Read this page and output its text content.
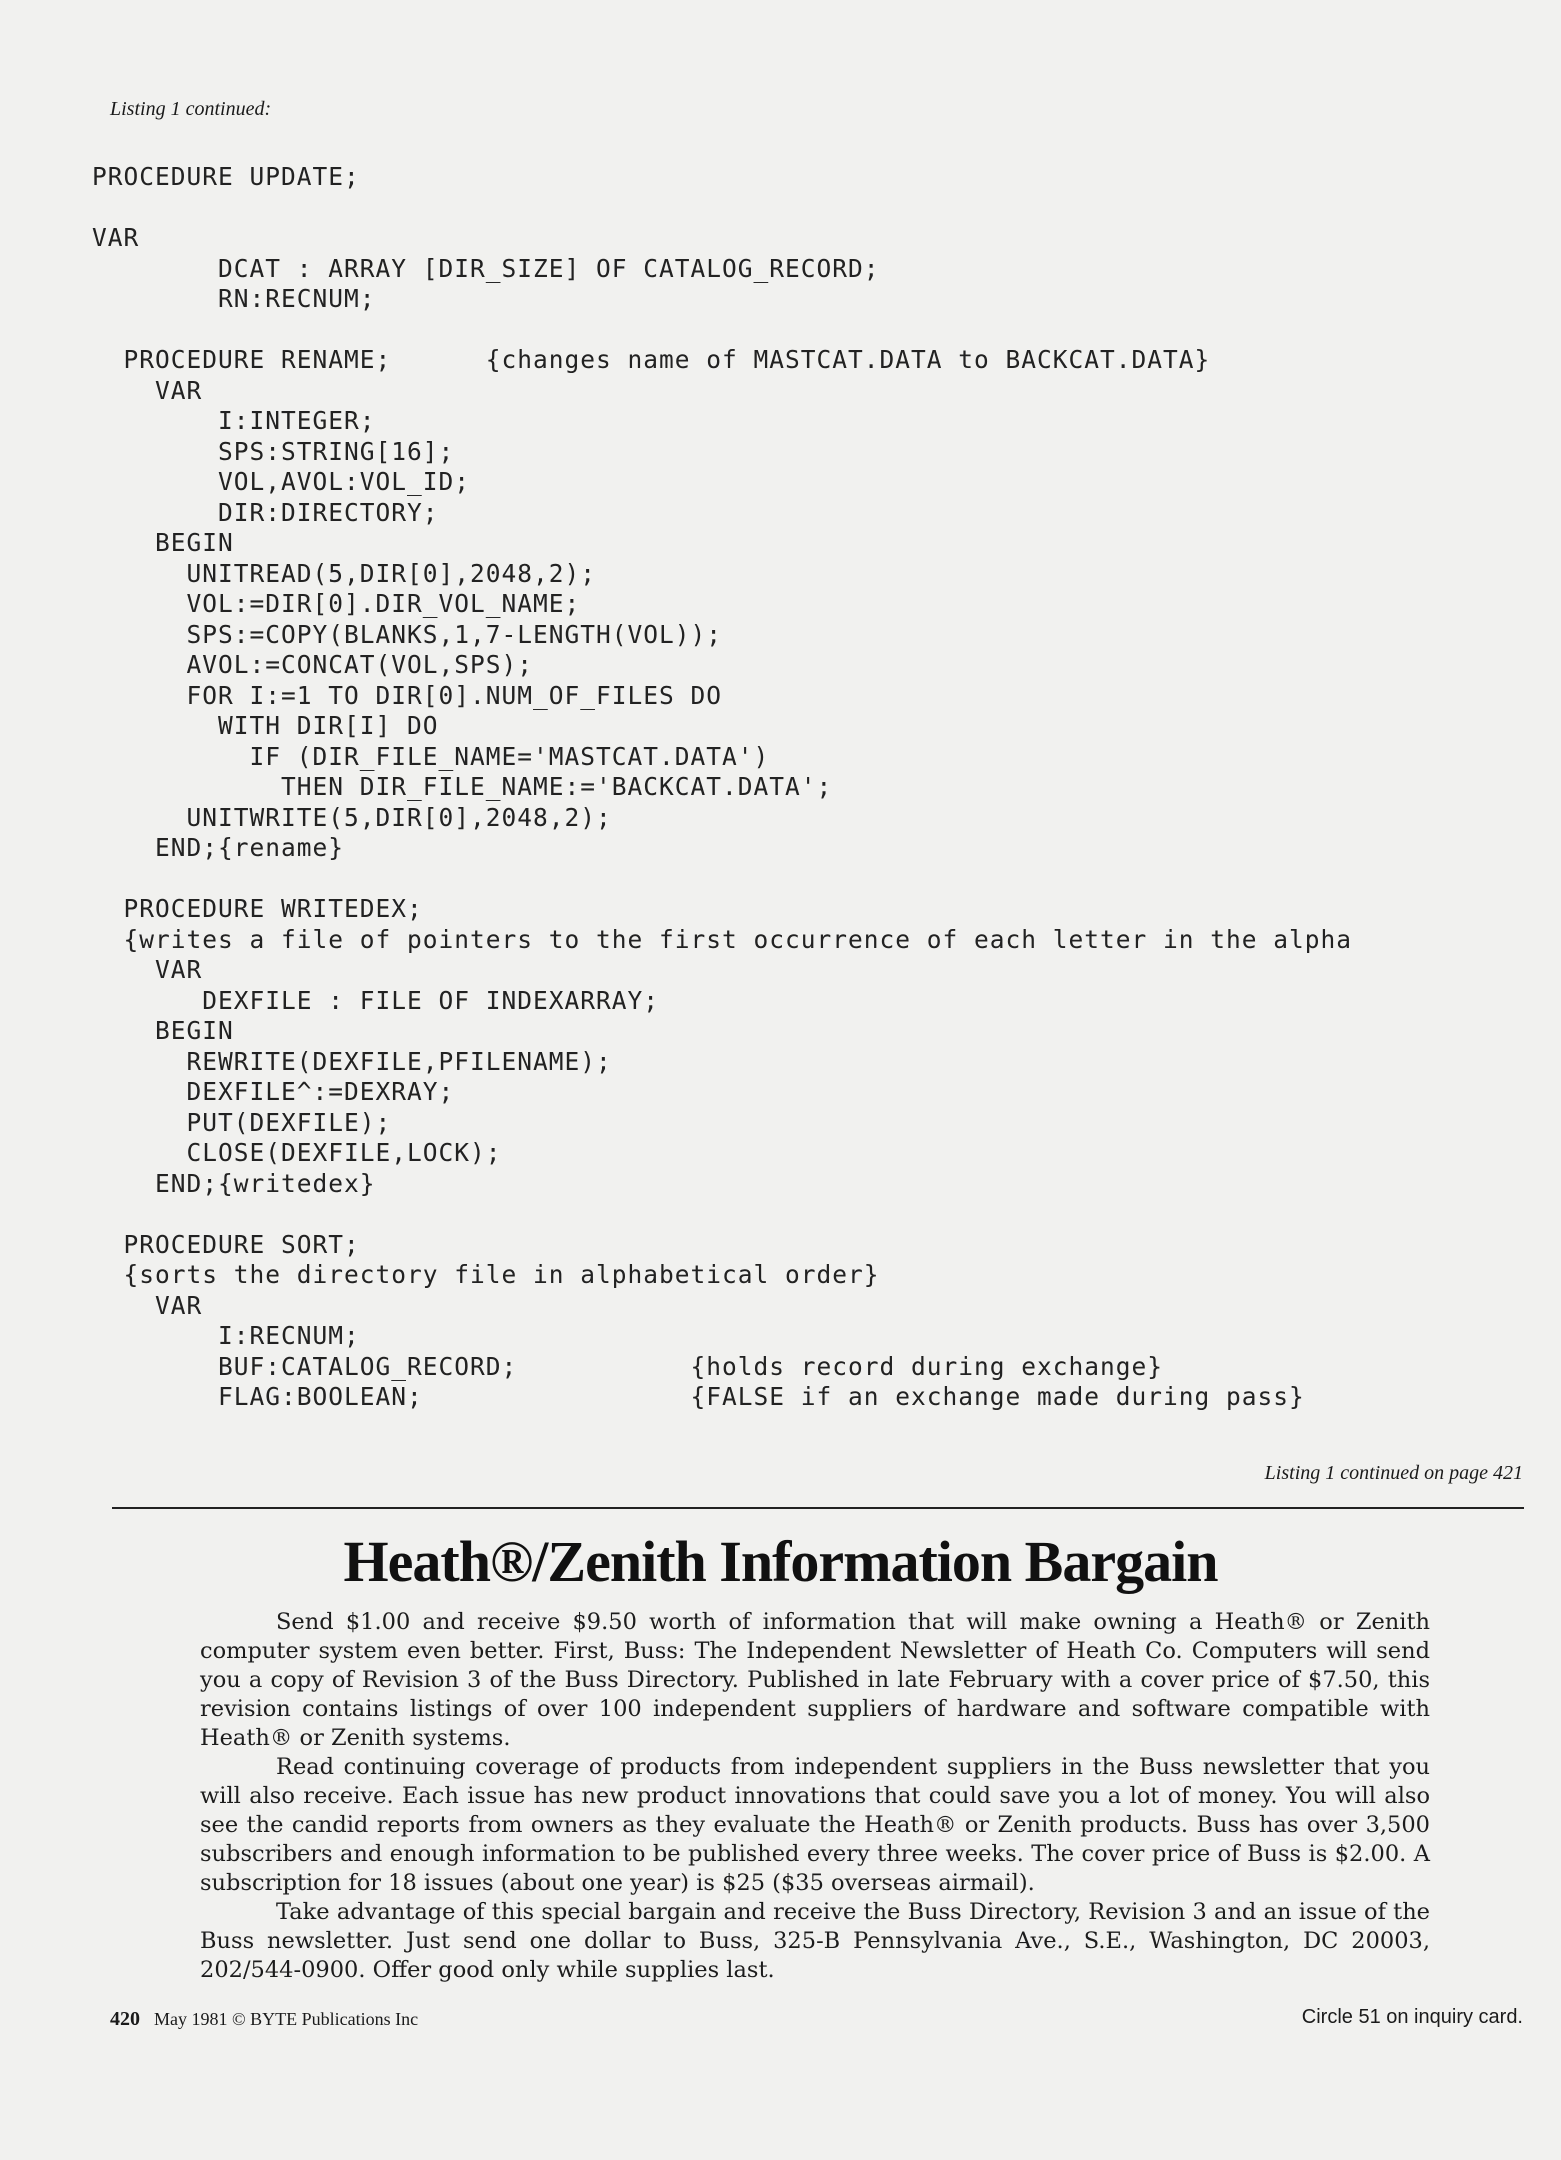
Listing 1 continued:
PROCEDURE UPDATE;
VAR
DCAT : ARRAY [DIR_SIZE] OF CATALOG_RECORD;
RN:RECNUM;
PROCEDURE RENAME;      {changes name of MASTCAT.DATA to BACKCAT.DATA}
VAR
I:INTEGER;
SPS:STRING[16];
VOL,AVOL:VOL_ID;
DIR:DIRECTORY;
BEGIN
UNITREAD(5,DIR[0],2048,2);
VOL:=DIR[0].DIR_VOL_NAME;
SPS:=COPY(BLANKS,1,7-LENGTH(VOL));
AVOL:=CONCAT(VOL,SPS);
FOR I:=1 TO DIR[0].NUM_OF_FILES DO
WITH DIR[I] DO
IF (DIR_FILE_NAME='MASTCAT.DATA')
THEN DIR_FILE_NAME:='BACKCAT.DATA';
UNITWRITE(5,DIR[0],2048,2);
END;{rename}
PROCEDURE WRITEDEX;
{writes a file of pointers to the first occurrence of each letter in the alpha
VAR
DEXFILE : FILE OF INDEXARRAY;
BEGIN
REWRITE(DEXFILE,PFILENAME);
DEXFILE^:=DEXRAY;
PUT(DEXFILE);
CLOSE(DEXFILE,LOCK);
END;{writedex}
PROCEDURE SORT;
{sorts the directory file in alphabetical order}
VAR
I:RECNUM;
BUF:CATALOG_RECORD;           {holds record during exchange}
FLAG:BOOLEAN;                 {FALSE if an exchange made during pass}
Listing 1 continued on page 421
Heath®/Zenith Information Bargain

Send $1.00 and receive $9.50 worth of information that will make owning a Heath® or Zenith computer system even better. First, Buss: The Independent Newsletter of Heath Co. Computers will send you a copy of Revision 3 of the Buss Directory. Published in late February with a cover price of $7.50, this revision contains listings of over 100 independent suppliers of hardware and software compatible with Heath® or Zenith systems.

Read continuing coverage of products from independent suppliers in the Buss newsletter that you will also receive. Each issue has new product innovations that could save you a lot of money. You will also see the candid reports from owners as they evaluate the Heath® or Zenith products. Buss has over 3,500 subscribers and enough information to be published every three weeks. The cover price of Buss is $2.00. A subscription for 18 issues (about one year) is $25 ($35 overseas airmail).

Take advantage of this special bargain and receive the Buss Directory, Revision 3 and an issue of the Buss newsletter. Just send one dollar to Buss, 325-B Pennsylvania Ave., S.E., Washington, DC 20003, 202/544-0900. Offer good only while supplies last.

420 May 1981 © BYTE Publications Inc	Circle 51 on inquiry card.
